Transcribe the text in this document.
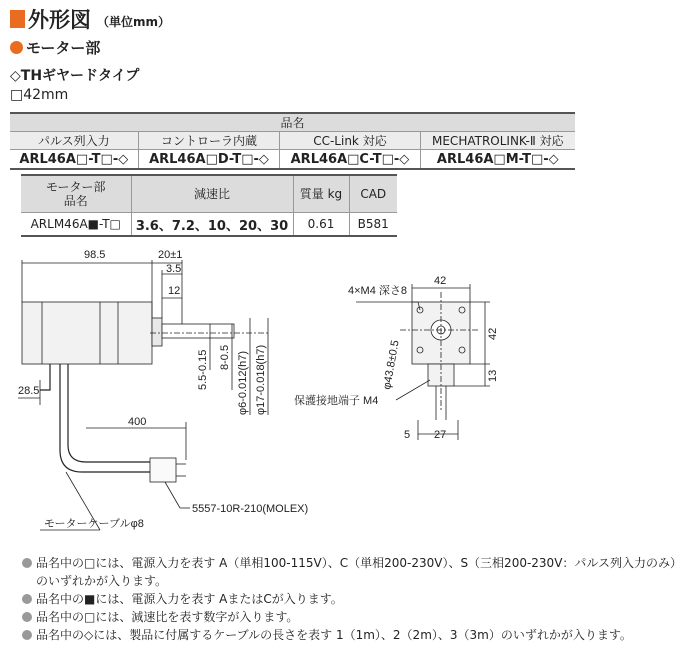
外形図 （単位mm）
モーター部
◇THギヤードタイプ
□42mm
品名			
パルス列入力	コントローラ内蔵	CC-Link 対応	MECHATROLINK-Ⅱ 対応
ARL46A□-T□-◇	ARL46A□D-T□-◇	ARL46A□C-T□-◇	ARL46A□M-T□-◇
モーター部
品名	減速比	質量 kg	CAD
ARLM46A■-T□	3.6、7.2、10、20、30	0.61	B581
98.5	20±1
3.5
12
28.5
400
5.5-0.15 8-0.5 φ6-0.012(h7) φ17-0.018(h7)
5557-10R-210(MOLEX)
モーターケーブルφ8
4×M4 深さ8
42
42
13
φ43.8±0.5
保護接地端子 M4
5 27
品名中の□には、電源入力を表す A（単相100-115V）、C（単相200-230V）、S（三相200-230V：パルス列入力のみ）のいずれかが入ります。
品名中の■には、電源入力を表す AまたはCが入ります。
品名中の□には、減速比を表す数字が入ります。
品名中の◇には、製品に付属するケーブルの長さを表す 1（1m）、2（2m）、3（3m）のいずれかが入ります。
